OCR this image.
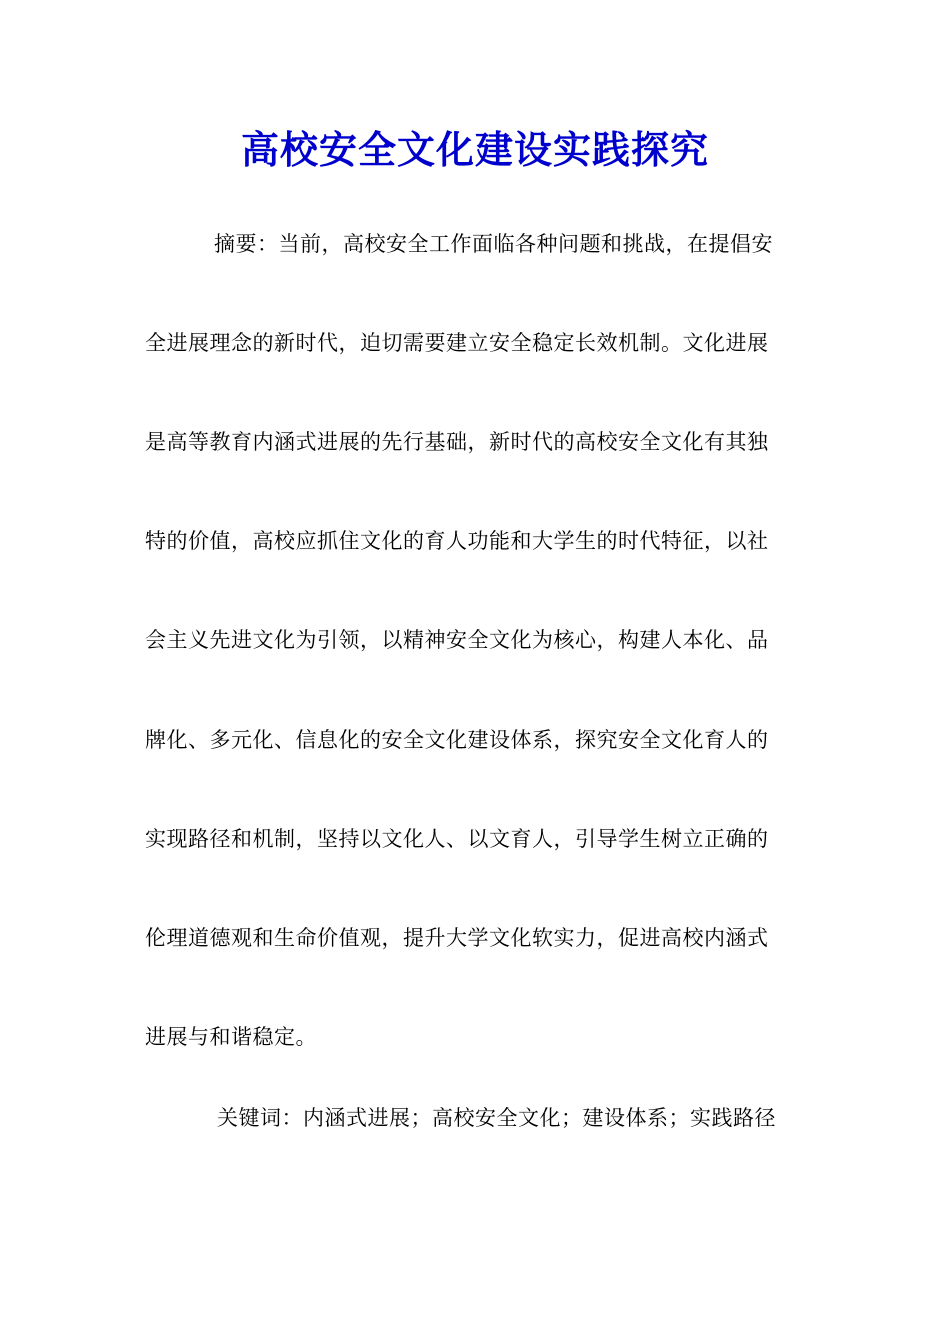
高校安全文化建设实践探究
摘要：当前，高校安全工作面临各种问题和挑战，在提倡安
全进展理念的新时代，迫切需要建立安全稳定长效机制。文化进展
是高等教育内涵式进展的先行基础，新时代的高校安全文化有其独
特的价值，高校应抓住文化的育人功能和大学生的时代特征，以社
会主义先进文化为引领，以精神安全文化为核心，构建人本化、品
牌化、多元化、信息化的安全文化建设体系，探究安全文化育人的
实现路径和机制，坚持以文化人、以文育人，引导学生树立正确的
伦理道德观和生命价值观，提升大学文化软实力，促进高校内涵式
进展与和谐稳定。
关键词：内涵式进展；高校安全文化；建设体系；实践路径
